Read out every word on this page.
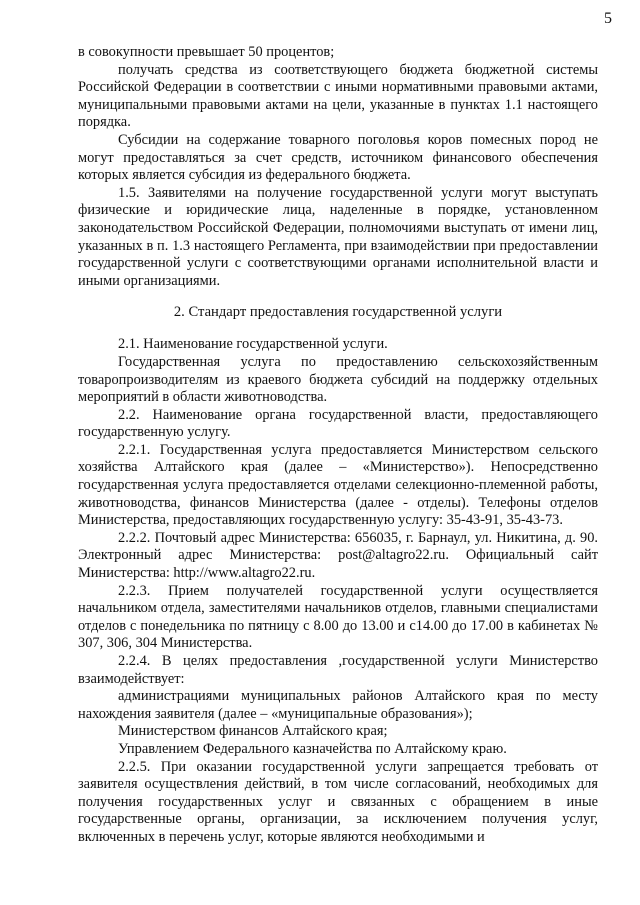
5

в совокупности превышает 50 процентов;

получать средства из соответствующего бюджета бюджетной системы Российской Федерации в соответствии с иными нормативными правовыми актами, муниципальными правовыми актами на цели, указанные в пунктах 1.1 настоящего порядка.

Субсидии на содержание товарного поголовья коров помесных пород не могут предоставляться за счет средств, источником финансового обеспечения которых является субсидия из федерального бюджета.

1.5. Заявителями на получение государственной услуги могут выступать физические и юридические лица, наделенные в порядке, установленном законодательством Российской Федерации, полномочиями выступать от имени лиц, указанных в п. 1.3 настоящего Регламента, при взаимодействии при предоставлении государственной услуги с соответствующими органами исполнительной власти и иными организациями.

2. Стандарт предоставления государственной услуги

2.1. Наименование государственной услуги.

Государственная услуга по предоставлению сельскохозяйственным товаропроизводителям из краевого бюджета субсидий на поддержку отдельных мероприятий в области животноводства.

2.2. Наименование органа государственной власти, предоставляющего государственную услугу.

2.2.1. Государственная услуга предоставляется Министерством сельского хозяйства Алтайского края (далее – «Министерство»). Непосредственно государственная услуга предоставляется отделами селекционно-племенной работы, животноводства, финансов Министерства (далее - отделы). Телефоны отделов Министерства, предоставляющих государственную услугу: 35-43-91, 35-43-73.

2.2.2. Почтовый адрес Министерства: 656035, г. Барнаул, ул. Никитина, д. 90. Электронный адрес Министерства: post@altagro22.ru. Официальный сайт Министерства: http://www.altagro22.ru.

2.2.3. Прием получателей государственной услуги осуществляется начальником отдела, заместителями начальников отделов, главными специалистами отделов с понедельника по пятницу с 8.00 до 13.00 и с14.00 до 17.00 в кабинетах № 307, 306, 304 Министерства.

2.2.4. В целях предоставления ,государственной услуги Министерство взаимодействует:

администрациями муниципальных районов Алтайского края по месту нахождения заявителя (далее – «муниципальные образования»);

Министерством финансов Алтайского края;

Управлением Федерального казначейства по Алтайскому краю.

2.2.5. При оказании государственной услуги запрещается требовать от заявителя осуществления действий, в том числе согласований, необходимых для получения государственных услуг и связанных с обращением в иные государственные органы, организации, за исключением получения услуг, включенных в перечень услуг, которые являются необходимыми и
